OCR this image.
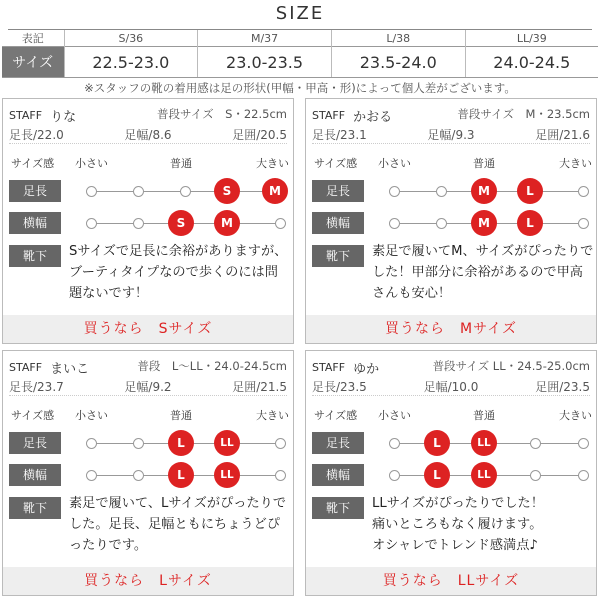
SIZE
表記	S/36	M/37	L/38	LL/39
サイズ	22.5-23.0	23.0-23.5	23.5-24.0	24.0-24.5
※スタッフの靴の着用感は足の形状(甲幅・甲高・形)によって個人差がございます。
STAFF りな	普段サイズ　S・22.5cm
足長/22.0	足幅/8.6	足囲/20.5
サイズ感 小さい	普通	大きい
足長	S	M
横幅	S	M
靴下	Sサイズで足長に余裕がありますが、ブーティタイプなので歩くのには問題ないです！
買うなら　Sサイズ
STAFF かおる	普段サイズ　M・23.5cm
足長/23.1	足幅/9.3	足囲/21.6
サイズ感 小さい	普通	大きい
足長	M	L
横幅	M	L
靴下	素足で履いてM、サイズがぴったりでした！甲部分に余裕があるので甲高さんも安心！
買うなら　Mサイズ
STAFF まいこ	普段　L〜LL・24.0-24.5cm
足長/23.7	足幅/9.2	足囲/21.5
サイズ感 小さい	普通	大きい
足長	L	LL
横幅	L	LL
靴下	素足で履いて、Lサイズがぴったりでした。足長、足幅ともにちょうどぴったりです。
買うなら　Lサイズ
STAFF ゆか	普段サイズ LL・24.5-25.0cm
足長/23.5	足幅/10.0	足囲/23.5
サイズ感 小さい	普通	大きい
足長	L	LL
横幅	L	LL
靴下	LLサイズがぴったりでした！
痛いところもなく履けます。
オシャレでトレンド感満点♪
買うなら　LLサイズ
